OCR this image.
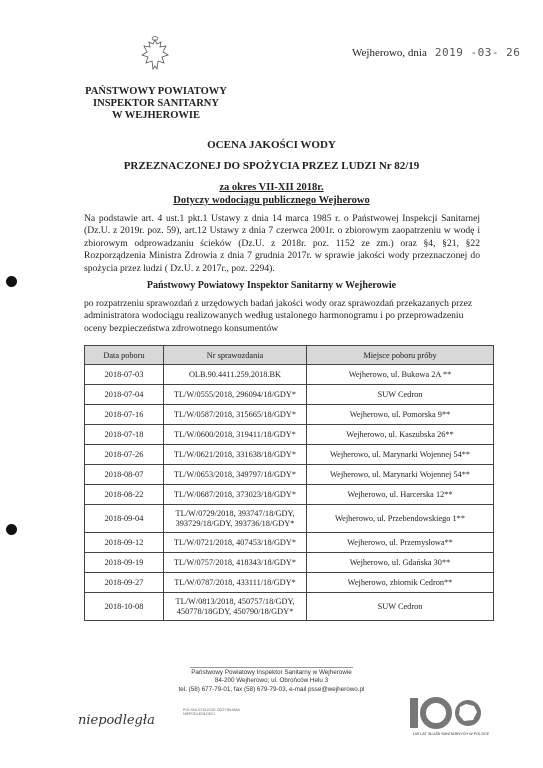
Wejherowo, dnia 2019 -03- 26
PAŃSTWOWY POWIATOWY
INSPEKTOR SANITARNY
W WEJHEROWIE
OCENA JAKOŚCI WODY
PRZEZNACZONEJ DO SPOŻYCIA PRZEZ LUDZI Nr 82/19
za okres VII-XII 2018r.
Dotyczy wodociągu publicznego Wejherowo
Na podstawie art. 4 ust.1 pkt.1 Ustawy z dnia 14 marca 1985 r. o Państwowej Inspekcji Sanitarnej (Dz.U. z 2019r. poz. 59), art.12 Ustawy z dnia 7 czerwca 2001r. o zbiorowym zaopatrzeniu w wodę i zbiorowym odprowadzaniu ścieków (Dz.U. z 2018r. poz. 1152 ze zm.) oraz §4, §21, §22 Rozporządzenia Ministra Zdrowia z dnia 7 grudnia 2017r. w sprawie jakości wody przeznaczonej do spożycia przez ludzi ( Dz.U. z 2017r., poz. 2294).
Państwowy Powiatowy Inspektor Sanitarny w Wejherowie
po rozpatrzeniu sprawozdań z urzędowych badań jakości wody oraz sprawozdań przekazanych przez administratora wodociągu realizowanych według ustalonego harmonogramu i po przeprowadzeniu oceny bezpieczeństwa zdrowotnego konsumentów
Data poboru	Nr sprawozdania	Miejsce poboru próby
2018-07-03	OLB.90.4411.259.2018.BK	Wejherowo, ul. Bukowa 2A **
2018-07-04	TL/W/0555/2018, 296094/18/GDY*	SUW Cedron
2018-07-16	TL/W/0587/2018, 315665/18/GDY*	Wejherowo, ul. Pomorska 9**
2018-07-18	TL/W/0600/2018, 319411/18/GDY*	Wejherowo, ul. Kaszubska 26**
2018-07-26	TL/W/0621/2018, 331638/18/GDY*	Wejherowo, ul. Marynarki Wojennej 54**
2018-08-07	TL/W/0653/2018, 349797/18/GDY*	Wejherowo, ul. Marynarki Wojennej 54**
2018-08-22	TL/W/0687/2018, 373023/18/GDY*	Wejherowo, ul. Harcerska 12**
2018-09-04	TL/W/0729/2018, 393747/18/GDY,
393729/18/GDY, 393736/18/GDY*	Wejherowo, ul. Przebendowskiego 1**
2018-09-12	TL/W/0721/2018, 407453/18/GDY*	Wejherowo, ul. Przemysłowa**
2018-09-19	TL/W/0757/2018, 418343/18/GDY*	Wejherowo, ul. Gdańska 30**
2018-09-27	TL/W/0787/2018, 433111/18/GDY*	Wejherowo, zbiornik Cedron**
2018-10-08	TL/W/0813/2018, 450757/18/GDY,
450778/18GDY, 450790/18/GDY*	SUW Cedron
Państwowy Powiatowy Inspektor Sanitarny w Wejherowie
84-200 Wejherowo; ul. Obrońców Helu 3
tel. (58) 677-79-01, fax (58) 679-79-03, e-mail psse@wejherowo.pl
niepodległa
POLSKA STULECIE ODZYSKANIA NIEPODLEGŁOŚCI
100 LAT SŁUŻB SANITARNYCH W POLSCE
